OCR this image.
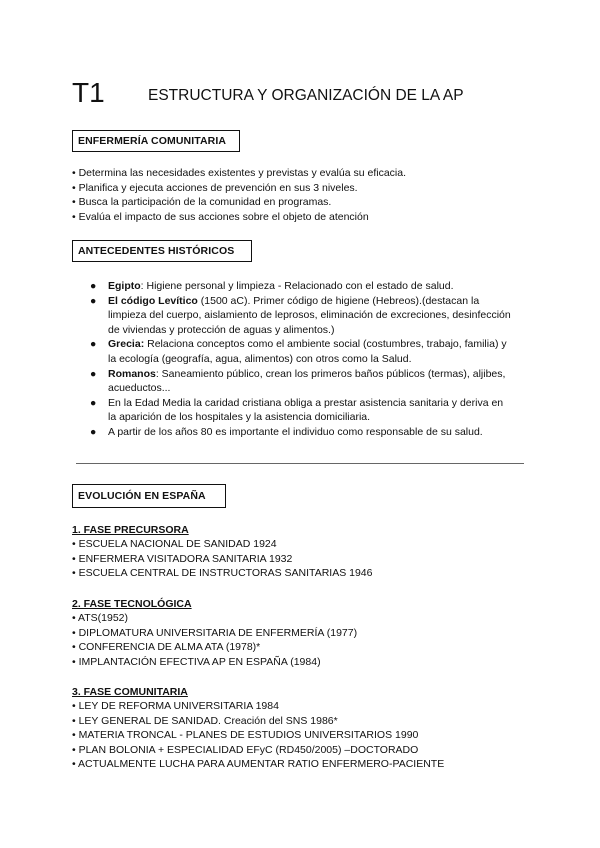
T1	ESTRUCTURA Y ORGANIZACIÓN DE LA AP
ENFERMERÍA COMUNITARIA
• Determina las necesidades existentes y previstas y evalúa su eficacia.
• Planifica y ejecuta acciones de prevención en sus 3 niveles.
• Busca la participación de la comunidad en programas.
• Evalúa el impacto de sus acciones sobre el objeto de atención
ANTECEDENTES HISTÓRICOS
● Egipto: Higiene personal y limpieza - Relacionado con el estado de salud.
● El código Levítico (1500 aC). Primer código de higiene (Hebreos).(destacan la limpieza del cuerpo, aislamiento de leprosos, eliminación de excreciones, desinfección de viviendas y protección de aguas y alimentos.)
● Grecia: Relaciona conceptos como el ambiente social (costumbres, trabajo, familia) y la ecología (geografía, agua, alimentos) con otros como la Salud.
● Romanos: Saneamiento público, crean los primeros baños públicos (termas), aljibes, acueductos...
● En la Edad Media la caridad cristiana obliga a prestar asistencia sanitaria y deriva en la aparición de los hospitales y la asistencia domiciliaria.
● A partir de los años 80 es importante el individuo como responsable de su salud.
EVOLUCIÓN EN ESPAÑA
1. FASE PRECURSORA
• ESCUELA NACIONAL DE SANIDAD 1924
• ENFERMERA VISITADORA SANITARIA 1932
• ESCUELA CENTRAL DE INSTRUCTORAS SANITARIAS 1946
2. FASE TECNOLÓGICA
• ATS(1952)
• DIPLOMATURA UNIVERSITARIA DE ENFERMERÍA (1977)
• CONFERENCIA DE ALMA ATA (1978)*
• IMPLANTACIÓN EFECTIVA AP EN ESPAÑA (1984)
3. FASE COMUNITARIA
• LEY DE REFORMA UNIVERSITARIA 1984
• LEY GENERAL DE SANIDAD. Creación del SNS 1986*
• MATERIA TRONCAL - PLANES DE ESTUDIOS UNIVERSITARIOS 1990
• PLAN BOLONIA + ESPECIALIDAD EFyC (RD450/2005) –DOCTORADO
• ACTUALMENTE LUCHA PARA AUMENTAR RATIO ENFERMERO-PACIENTE
